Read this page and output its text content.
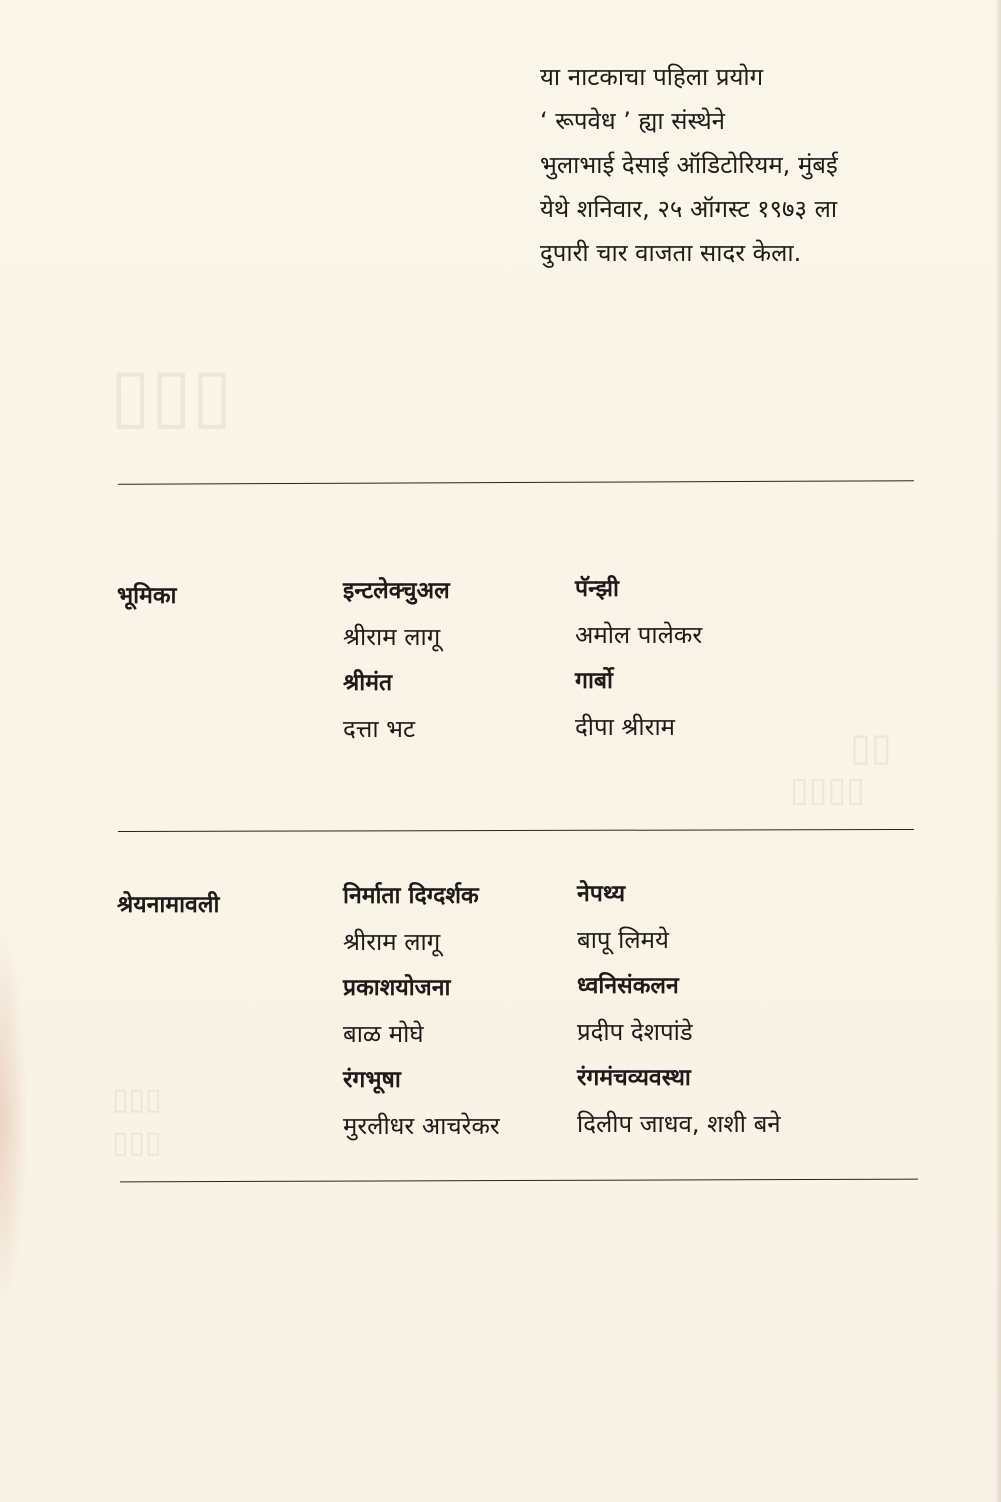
▯▯▯
▯▯
▯▯▯▯
▯▯▯
▯▯▯
या नाटकाचा पहिला प्रयोग
‘ रूपवेध ’ ह्या संस्थेने
भुलाभाई देसाई ऑडिटोरियम, मुंबई
येथे शनिवार, २५ ऑगस्ट १९७३ ला
दुपारी चार वाजता सादर केला.
भूमिका	इन्टलेक्चुअल
श्रीराम लागू
श्रीमंत
दत्ता भट
पॅन्झी
अमोल पालेकर
गार्बो
दीपा श्रीराम
श्रेयनामावली	निर्माता दिग्दर्शक
श्रीराम लागू
प्रकाशयोजना
बाळ मोघे
रंगभूषा
मुरलीधर आचरेकर
नेपथ्य
बापू लिमये
ध्वनिसंकलन
प्रदीप देशपांडे
रंगमंचव्यवस्था
दिलीप जाधव, शशी बने
